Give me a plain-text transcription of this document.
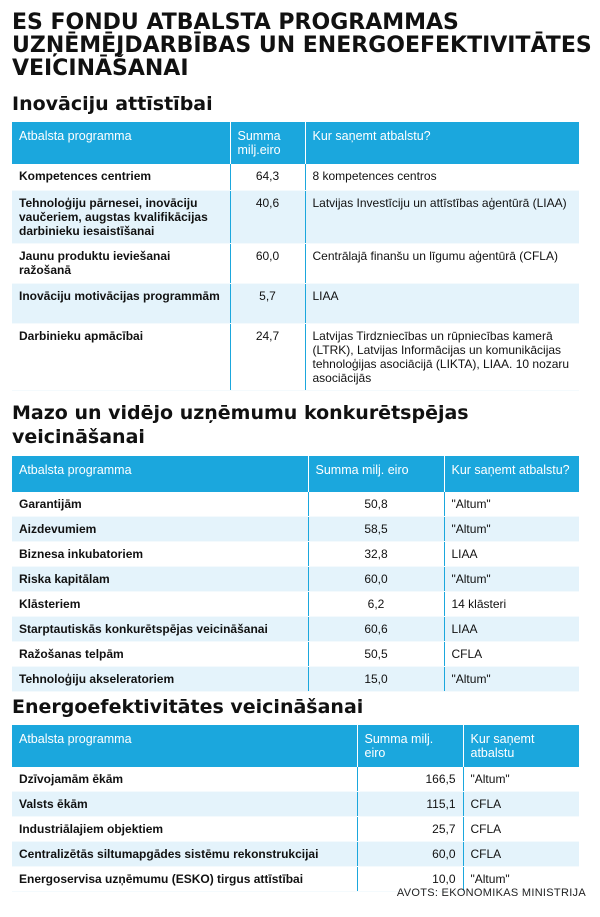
ES FONDU ATBALSTA PROGRAMMAS
UZŅĒMĒJDARBĪBAS UN ENERGOEFEKTIVITĀTES
VEICINĀŠANAI
Inovāciju attīstībai
Atbalsta programma	Summa milj.eiro	Kur saņemt atbalstu?
Kompetences centriem	64,3	8 kompetences centros
Tehnoloģiju pārnesei, inovāciju vaučeriem, augstas kvalifikācijas darbinieku iesaistīšanai	40,6	Latvijas Investīciju un attīstības aģentūrā (LIAA)
Jaunu produktu ieviešanai ražošanā	60,0	Centrālajā finanšu un līgumu aģentūrā (CFLA)
Inovāciju motivācijas programmām	5,7	LIAA
Darbinieku apmācībai	24,7	Latvijas Tirdzniecības un rūpniecības kamerā (LTRK), Latvijas Informācijas un komunikācijas tehnoloģijas asociācijā (LIKTA), LIAA. 10 nozaru asociācijās
Mazo un vidējo uzņēmumu konkurētspējas
veicināšanai
Atbalsta programma	Summa milj. eiro	Kur saņemt atbalstu?
Garantijām	50,8	"Altum"
Aizdevumiem	58,5	"Altum"
Biznesa inkubatoriem	32,8	LIAA
Riska kapitālam	60,0	"Altum"
Klāsteriem	6,2	14 klāsteri
Starptautiskās konkurētspējas veicināšanai	60,6	LIAA
Ražošanas telpām	50,5	CFLA
Tehnoloģiju akseleratoriem	15,0	"Altum"
Energoefektivitātes veicināšanai
Atbalsta programma	Summa milj. eiro	Kur saņemt atbalstu
Dzīvojamām ēkām	166,5	"Altum"
Valsts ēkām	115,1	CFLA
Industriālajiem objektiem	25,7	CFLA
Centralizētās siltumapgādes sistēmu rekonstrukcijai	60,0	CFLA
Energoservisa uzņēmumu (ESKO) tirgus attīstībai	10,0	"Altum"
AVOTS: EKONOMIKAS MINISTRIJA
